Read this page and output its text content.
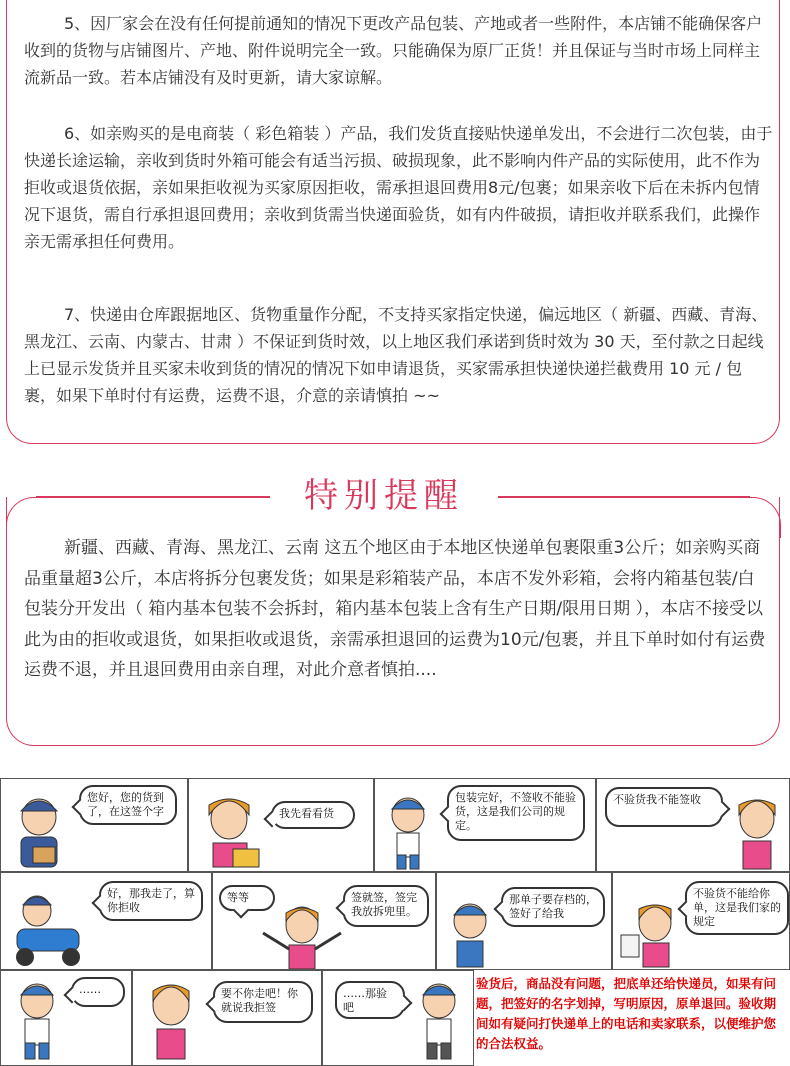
5、因厂家会在没有任何提前通知的情况下更改产品包装、产地或者一些附件，本店铺不能确保客户收到的货物与店铺图片、产地、附件说明完全一致。只能确保为原厂正货！并且保证与当时市场上同样主流新品一致。若本店铺没有及时更新，请大家谅解。

6、如亲购买的是电商装（ 彩色箱装 ）产品，我们发货直接贴快递单发出，不会进行二次包装，由于快递长途运输，亲收到货时外箱可能会有适当污损、破损现象，此不影响内件产品的实际使用，此不作为拒收或退货依据，亲如果拒收视为买家原因拒收，需承担退回费用8元/包裹；如果亲收下后在未拆内包情况下退货，需自行承担退回费用；亲收到货需当快递面验货，如有内件破损，请拒收并联系我们，此操作亲无需承担任何费用。

7、快递由仓库跟据地区、货物重量作分配，不支持买家指定快递，偏远地区（ 新疆、西藏、青海、黑龙江、云南、内蒙古、甘肃 ）不保证到货时效，以上地区我们承诺到货时效为 30 天，至付款之日起线上已显示发货并且买家未收到货的情况的情况下如申请退货，买家需承担快递快递拦截费用 10 元 / 包裹，如果下单时付有运费，运费不退，介意的亲请慎拍 ~~

特别提醒

新疆、西藏、青海、黑龙江、云南 这五个地区由于本地区快递单包裹限重3公斤；如亲购买商品重量超3公斤，本店将拆分包裹发货；如果是彩箱装产品，本店不发外彩箱，会将内箱基包装/白包装分开发出（ 箱内基本包装不会拆封，箱内基本包装上含有生产日期/限用日期 ），本店不接受以此为由的拒收或退货，如果拒收或退货，亲需承担退回的运费为10元/包裹，并且下单时如付有运费运费不退，并且退回费用由亲自理，对此介意者慎拍....

您好，您的货到了，在这签个字	我先看看货
包装完好，不签收不能验货，这是我们公司的规定。
不验货我不能签收
好，那我走了，算你拒收
等等	签就签，签完我放拆兜里。
那单子要存档的，签好了给我
不验货不能给你单，这是我们家的规定
……	要不你走吧！你就说我拒签
……那验吧
验货后，商品没有问题，把底单还给快递员，如果有问题，把签好的名字划掉，写明原因，原单退回。验收期间如有疑问打快递单上的电话和卖家联系，以便维护您的合法权益。
